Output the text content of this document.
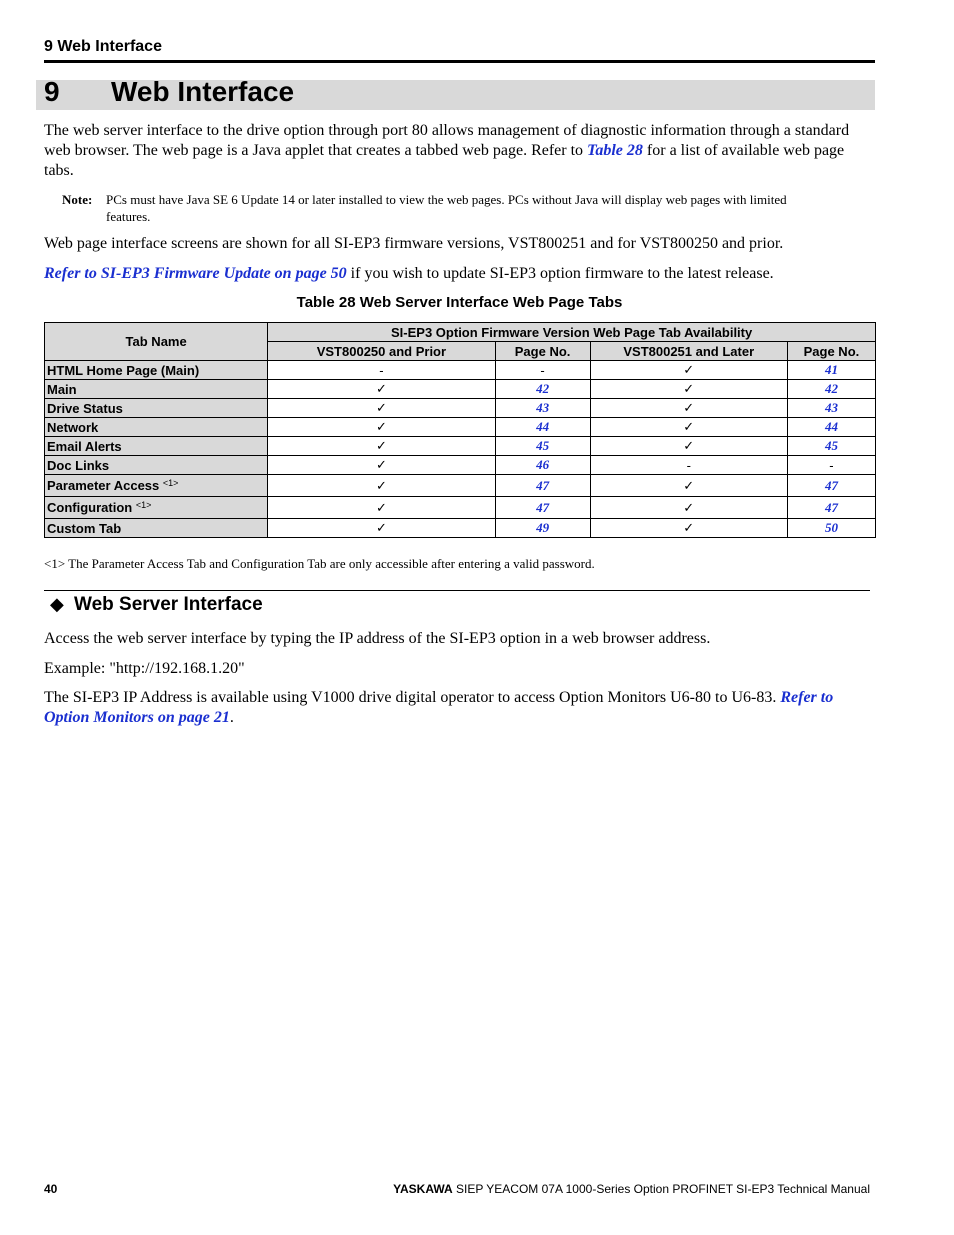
9 Web Interface
9 Web Interface
The web server interface to the drive option through port 80 allows management of diagnostic information through a standard web browser. The web page is a Java applet that creates a tabbed web page. Refer to Table 28 for a list of available web page tabs.
Note: PCs must have Java SE 6 Update 14 or later installed to view the web pages. PCs without Java will display web pages with limited features.
Web page interface screens are shown for all SI-EP3 firmware versions, VST800251 and for VST800250 and prior.
Refer to SI-EP3 Firmware Update on page 50 if you wish to update SI-EP3 option firmware to the latest release.
Table 28 Web Server Interface Web Page Tabs
Tab Name	SI-EP3 Option Firmware Version Web Page Tab Availability			
	VST800250 and Prior	Page No.	VST800251 and Later	Page No.
HTML Home Page (Main)	-	-	✓	41
Main	✓	42	✓	42
Drive Status	✓	43	✓	43
Network	✓	44	✓	44
Email Alerts	✓	45	✓	45
Doc Links	✓	46	-	-
Parameter Access $^{<1>}$	✓	47	✓	47
Configuration $^{<1>}$	✓	47	✓	47
Custom Tab	✓	49	✓	50
<1> The Parameter Access Tab and Configuration Tab are only accessible after entering a valid password.
◆ Web Server Interface
Access the web server interface by typing the IP address of the SI-EP3 option in a web browser address.
Example: "http://192.168.1.20"
The SI-EP3 IP Address is available using V1000 drive digital operator to access Option Monitors U6-80 to U6-83. Refer to Option Monitors on page 21.
40	YASKAWA SIEP YEACOM 07A 1000-Series Option PROFINET SI-EP3 Technical Manual
